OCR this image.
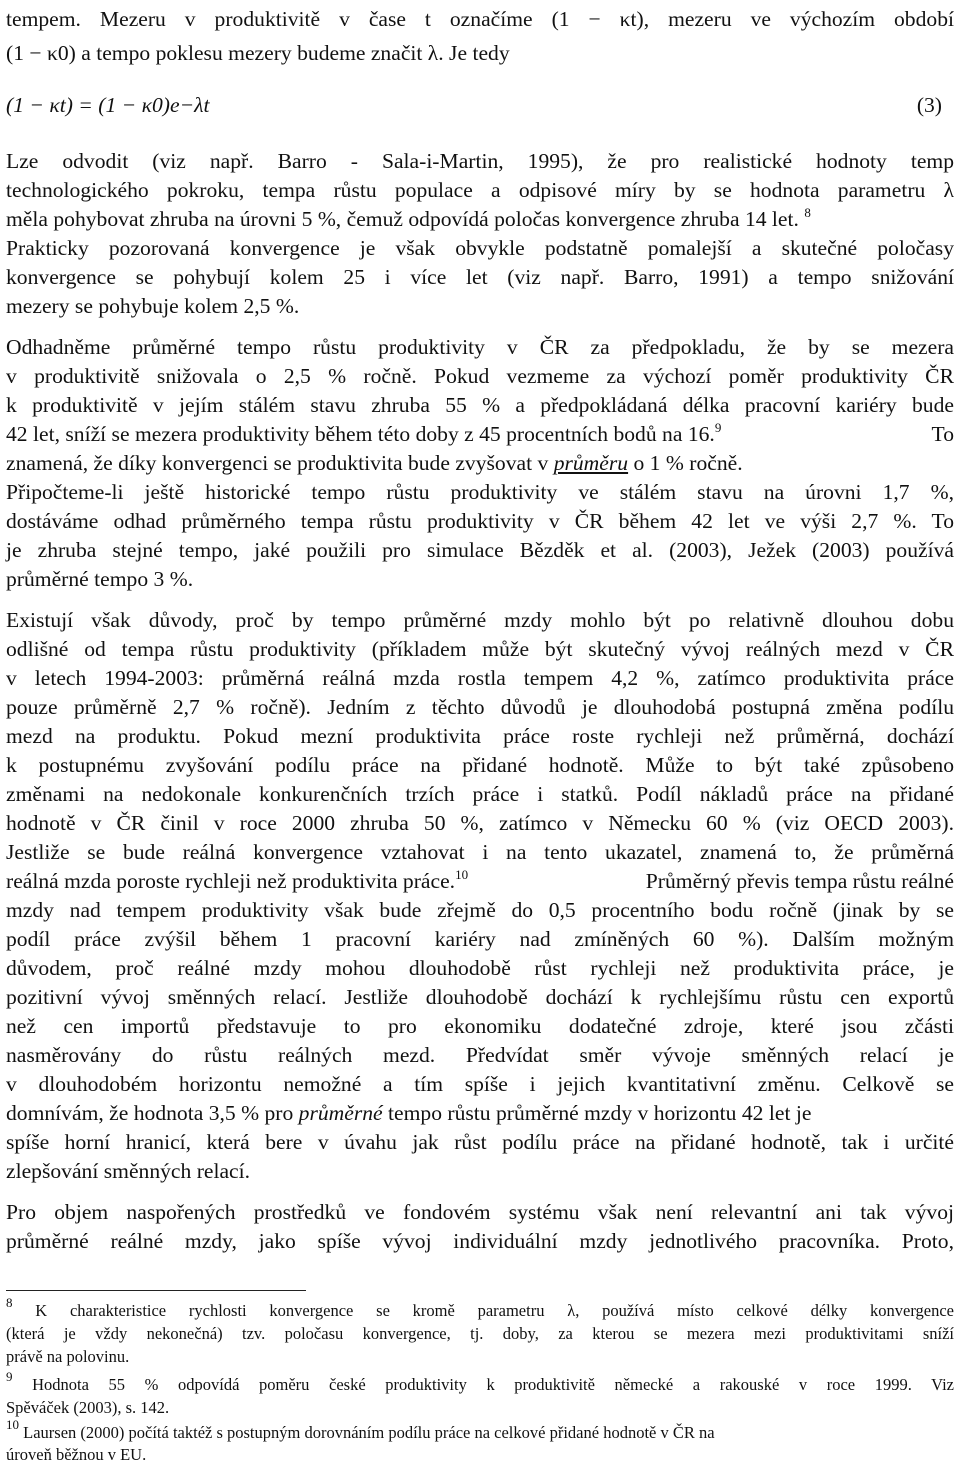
tempem. Mezeru v produktivitě v čase t označíme (1 − κt), mezeru ve výchozím období
(1 − κ0) a tempo poklesu mezery budeme značit λ. Je tedy
(1 − κt) = (1 − κ0)e−λt	(3)
Lze odvodit (viz např. Barro - Sala-i-Martin, 1995), že pro realistické hodnoty temp
technologického pokroku, tempa růstu populace a odpisové míry by se hodnota parametru λ
měla pohybovat zhruba na úrovni 5 %, čemuž odpovídá poločas konvergence zhruba 14 let. $^8$
Prakticky pozorovaná konvergence je však obvykle podstatně pomalejší a skutečné poločasy
konvergence se pohybují kolem 25 i více let (viz např. Barro, 1991) a tempo snižování
mezery se pohybuje kolem 2,5 %.
Odhadněme průměrné tempo růstu produktivity v ČR za předpokladu, že by se mezera
v produktivitě snižovala o 2,5 % ročně. Pokud vezmeme za výchozí poměr produktivity ČR
k produktivitě v jejím stálém stavu zhruba 55 % a předpokládaná délka pracovní kariéry bude
42 let, sníží se mezera produktivity během této doby z 45 procentních bodů na 16.$^9$	To
znamená, že díky konvergenci se produktivita bude zvyšovat v průměru o 1 % ročně.
Připočteme-li ještě historické tempo růstu produktivity ve stálém stavu na úrovni 1,7 %,
dostáváme odhad průměrného tempa růstu produktivity v ČR během 42 let ve výši 2,7 %. To
je zhruba stejné tempo, jaké použili pro simulace Bězděk et al. (2003), Ježek (2003) používá
průměrné tempo 3 %.
Existují však důvody, proč by tempo průměrné mzdy mohlo být po relativně dlouhou dobu
odlišné od tempa růstu produktivity (příkladem může být skutečný vývoj reálných mezd v ČR
v letech 1994-2003: průměrná reálná mzda rostla tempem 4,2 %, zatímco produktivita práce
pouze průměrně 2,7 % ročně). Jedním z těchto důvodů je dlouhodobá postupná změna podílu
mezd na produktu. Pokud mezní produktivita práce roste rychleji než průměrná, dochází
k postupnému zvyšování podílu práce na přidané hodnotě. Může to být také způsobeno
změnami na nedokonale konkurenčních trzích práce i statků. Podíl nákladů práce na přidané
hodnotě v ČR činil v roce 2000 zhruba 50 %, zatímco v Německu 60 % (viz OECD 2003).
Jestliže se bude reálná konvergence vztahovat i na tento ukazatel, znamená to, že průměrná
reálná mzda poroste rychleji než produktivita práce.$^{10}$	Průměrný převis tempa růstu reálné
mzdy nad tempem produktivity však bude zřejmě do 0,5 procentního bodu ročně (jinak by se
podíl práce zvýšil během 1 pracovní kariéry nad zmíněných 60 %). Dalším možným
důvodem, proč reálné mzdy mohou dlouhodobě růst rychleji než produktivita práce, je
pozitivní vývoj směnných relací. Jestliže dlouhodobě dochází k rychlejšímu růstu cen exportů
než cen importů představuje to pro ekonomiku dodatečné zdroje, které jsou zčásti
nasměrovány do růstu reálných mezd. Předvídat směr vývoje směnných relací je
v dlouhodobém horizontu nemožné a tím spíše i jejich kvantitativní změnu. Celkově se
domnívám, že hodnota 3,5 % pro průměrné tempo růstu průměrné mzdy v horizontu 42 let je
spíše horní hranicí, která bere v úvahu jak růst podílu práce na přidané hodnotě, tak i určité
zlepšování směnných relací.
Pro objem naspořených prostředků ve fondovém systému však není relevantní ani tak vývoj
průměrné reálné mzdy, jako spíše vývoj individuální mzdy jednotlivého pracovníka. Proto,
$^8$ K charakteristice rychlosti konvergence se kromě parametru λ, používá místo celkové délky konvergence
(která je vždy nekonečná) tzv. poločasu konvergence, tj. doby, za kterou se mezera mezi produktivitami sníží
právě na polovinu.
$^9$ Hodnota 55 % odpovídá poměru české produktivity k produktivitě německé a rakouské v roce 1999. Viz
Spěváček (2003), s. 142.
$^{10}$ Laursen (2000) počítá taktéž s postupným dorovnáním podílu práce na celkové přidané hodnotě v ČR na
úroveň běžnou v EU.
